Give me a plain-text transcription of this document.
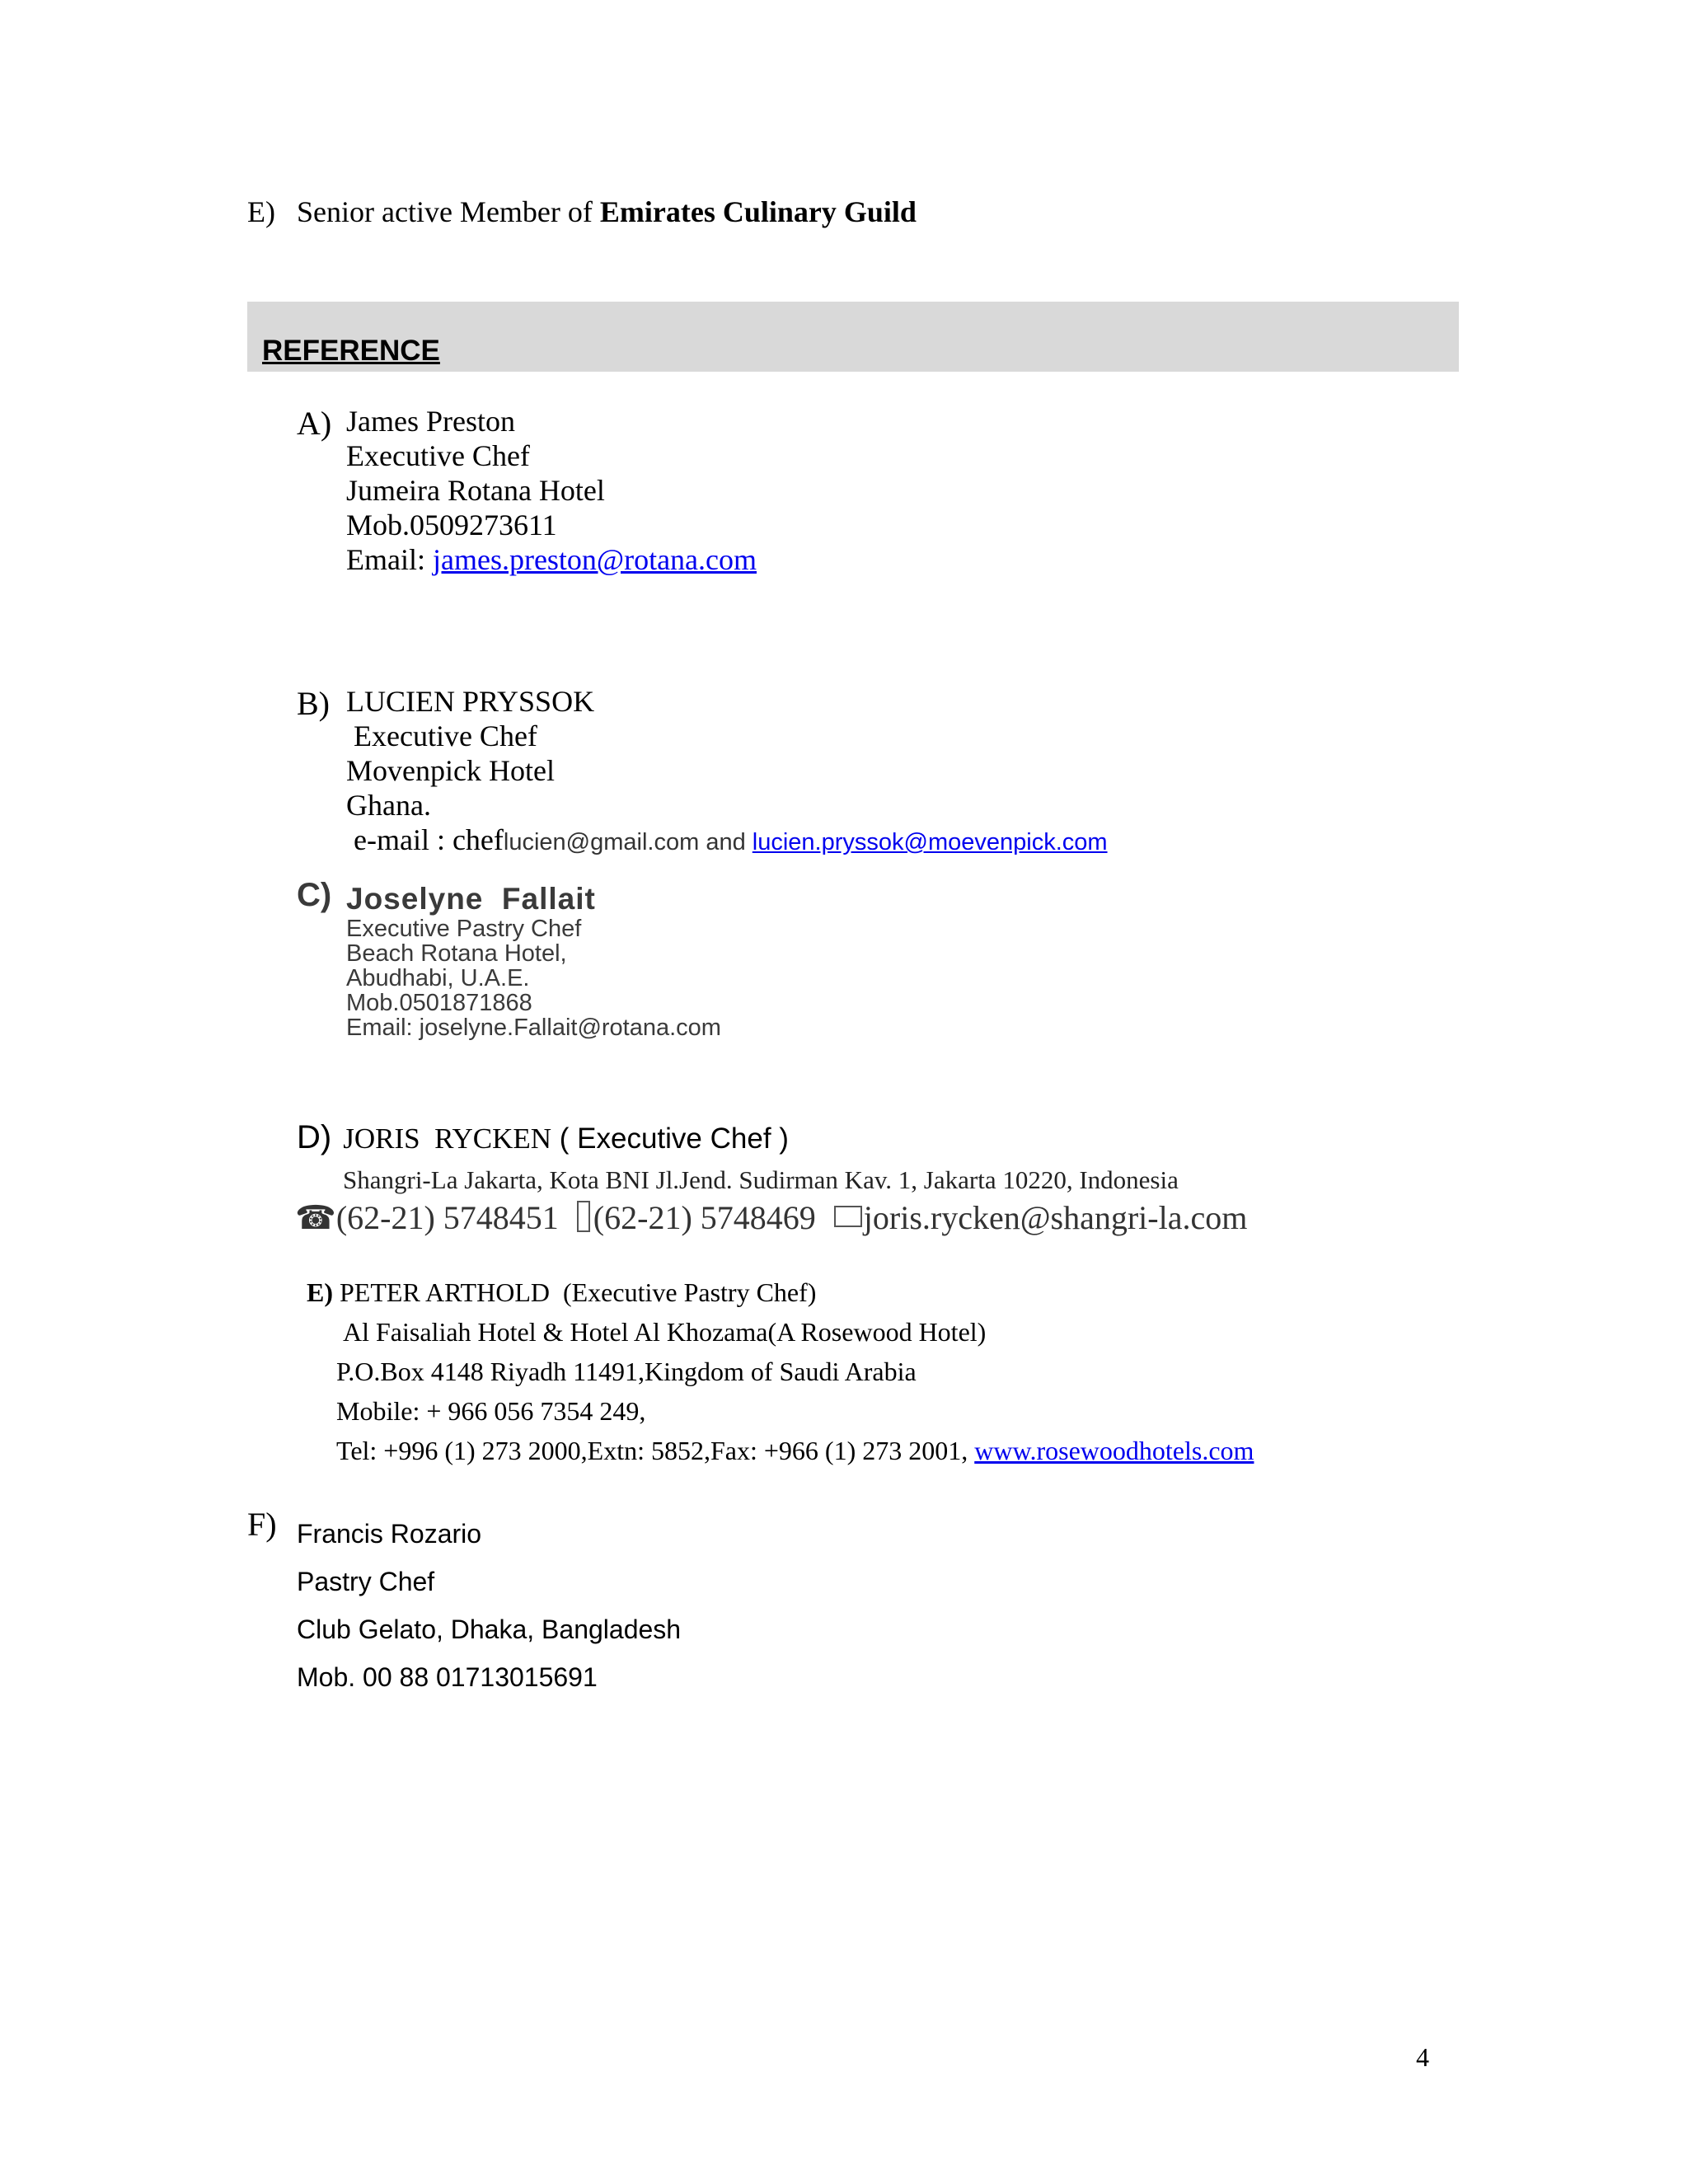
E) Senior active Member of Emirates Culinary Guild
REFERENCE
A) James Preston
Executive Chef
Jumeira Rotana Hotel
Mob.0509273611
Email: james.preston@rotana.com
B) LUCIEN PRYSSOK
Executive Chef
Movenpick Hotel
Ghana.
e-mail : cheflucien@gmail.com and lucien.pryssok@moevenpick.com
C) Joselyne  Fallait
Executive Pastry Chef
Beach Rotana Hotel,
Abudhabi, U.A.E.
Mob.0501871868
Email: joselyne.Fallait@rotana.com
D) JORIS  RYCKEN ( Executive Chef )
Shangri-La Jakarta, Kota BNI Jl.Jend. Sudirman Kav. 1, Jakarta 10220, Indonesia
☎(62-21) 5748451 (62-21) 5748469 joris.rycken@shangri-la.com
E) PETER ARTHOLD  (Executive Pastry Chef)
Al Faisaliah Hotel & Hotel Al Khozama(A Rosewood Hotel)
P.O.Box 4148 Riyadh 11491,Kingdom of Saudi Arabia
Mobile: + 966 056 7354 249,
Tel: +996 (1) 273 2000,Extn: 5852,Fax: +966 (1) 273 2001, www.rosewoodhotels.com
F) Francis Rozario
Pastry Chef
Club Gelato, Dhaka, Bangladesh
Mob. 00 88 01713015691
4
